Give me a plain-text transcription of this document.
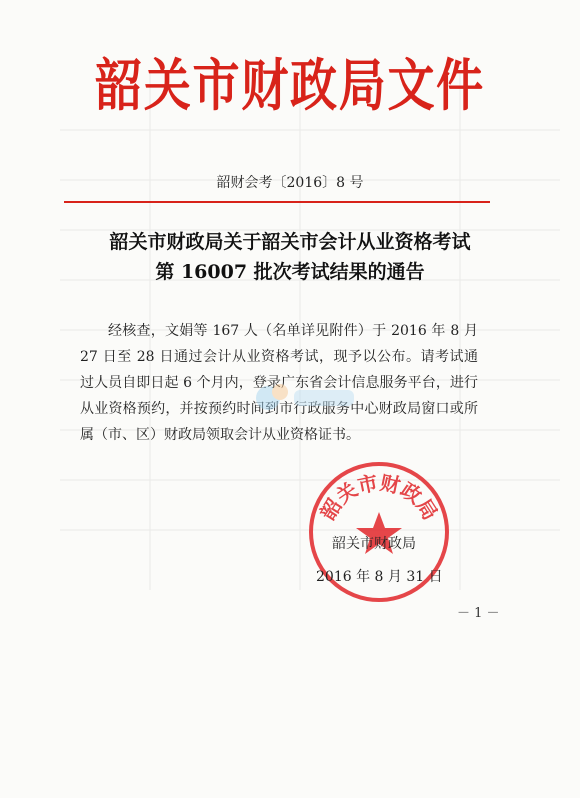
韶关市财政局文件
韶财会考〔2016〕8 号
韶关市财政局关于韶关市会计从业资格考试
第 16007 批次考试结果的通告
经核查，文娟等 167 人（名单详见附件）于 2016 年 8 月 27 日至 28 日通过会计从业资格考试，现予以公布。请考试通过人员自即日起 6 个月内，登录广东省会计信息服务平台，进行从业资格预约，并按预约时间到市行政服务中心财政局窗口或所属（市、区）财政局领取会计从业资格证书。
韶关市财政局
韶关市财政局
2016 年 8 月 31 日
－ 1 －
